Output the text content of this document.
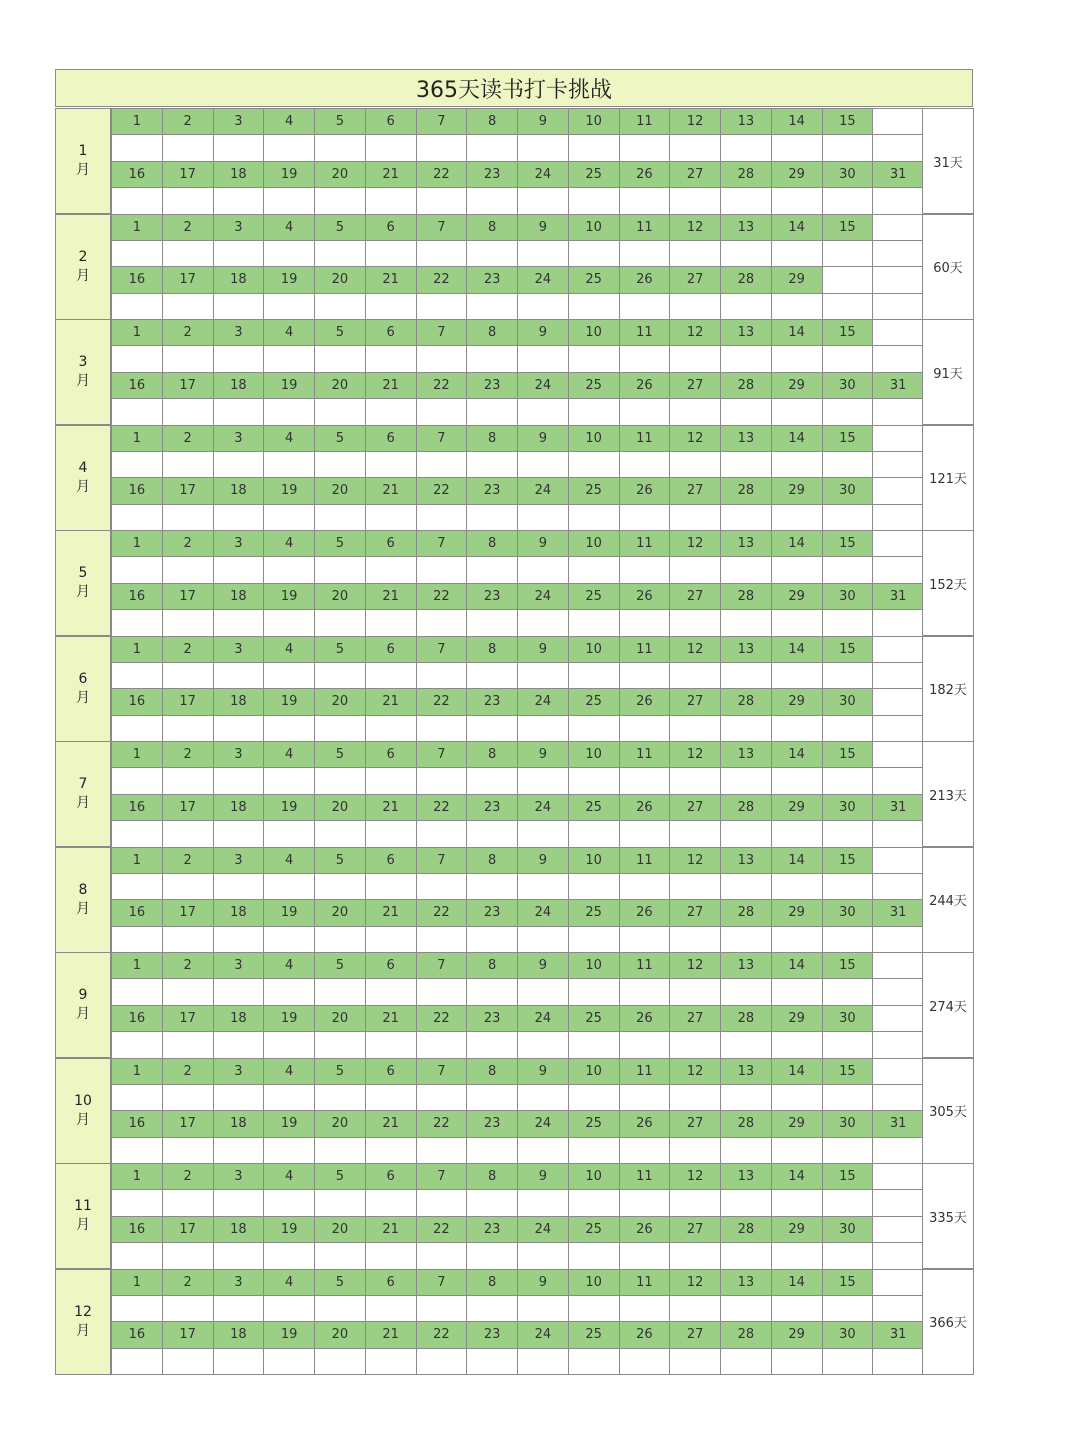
365天读书打卡挑战
1
月
1	2	3	4	5	6	7	8	9	10	11	12	13	14	15
16	17	18	19	20	21	22	23	24	25	26	27	28	29	30	31
31天
2
月
1	2	3	4	5	6	7	8	9	10	11	12	13	14	15
16	17	18	19	20	21	22	23	24	25	26	27	28	29
60天
3
月
1	2	3	4	5	6	7	8	9	10	11	12	13	14	15
16	17	18	19	20	21	22	23	24	25	26	27	28	29	30	31
91天
4
月
1	2	3	4	5	6	7	8	9	10	11	12	13	14	15
16	17	18	19	20	21	22	23	24	25	26	27	28	29	30
121天
5
月
1	2	3	4	5	6	7	8	9	10	11	12	13	14	15
16	17	18	19	20	21	22	23	24	25	26	27	28	29	30	31
152天
6
月
1	2	3	4	5	6	7	8	9	10	11	12	13	14	15
16	17	18	19	20	21	22	23	24	25	26	27	28	29	30
182天
7
月
1	2	3	4	5	6	7	8	9	10	11	12	13	14	15
16	17	18	19	20	21	22	23	24	25	26	27	28	29	30	31
213天
8
月
1	2	3	4	5	6	7	8	9	10	11	12	13	14	15
16	17	18	19	20	21	22	23	24	25	26	27	28	29	30	31
244天
9
月
1	2	3	4	5	6	7	8	9	10	11	12	13	14	15
16	17	18	19	20	21	22	23	24	25	26	27	28	29	30
274天
10
月
1	2	3	4	5	6	7	8	9	10	11	12	13	14	15
16	17	18	19	20	21	22	23	24	25	26	27	28	29	30	31
305天
11
月
1	2	3	4	5	6	7	8	9	10	11	12	13	14	15
16	17	18	19	20	21	22	23	24	25	26	27	28	29	30
335天
12
月
1	2	3	4	5	6	7	8	9	10	11	12	13	14	15
16	17	18	19	20	21	22	23	24	25	26	27	28	29	30	31
366天
